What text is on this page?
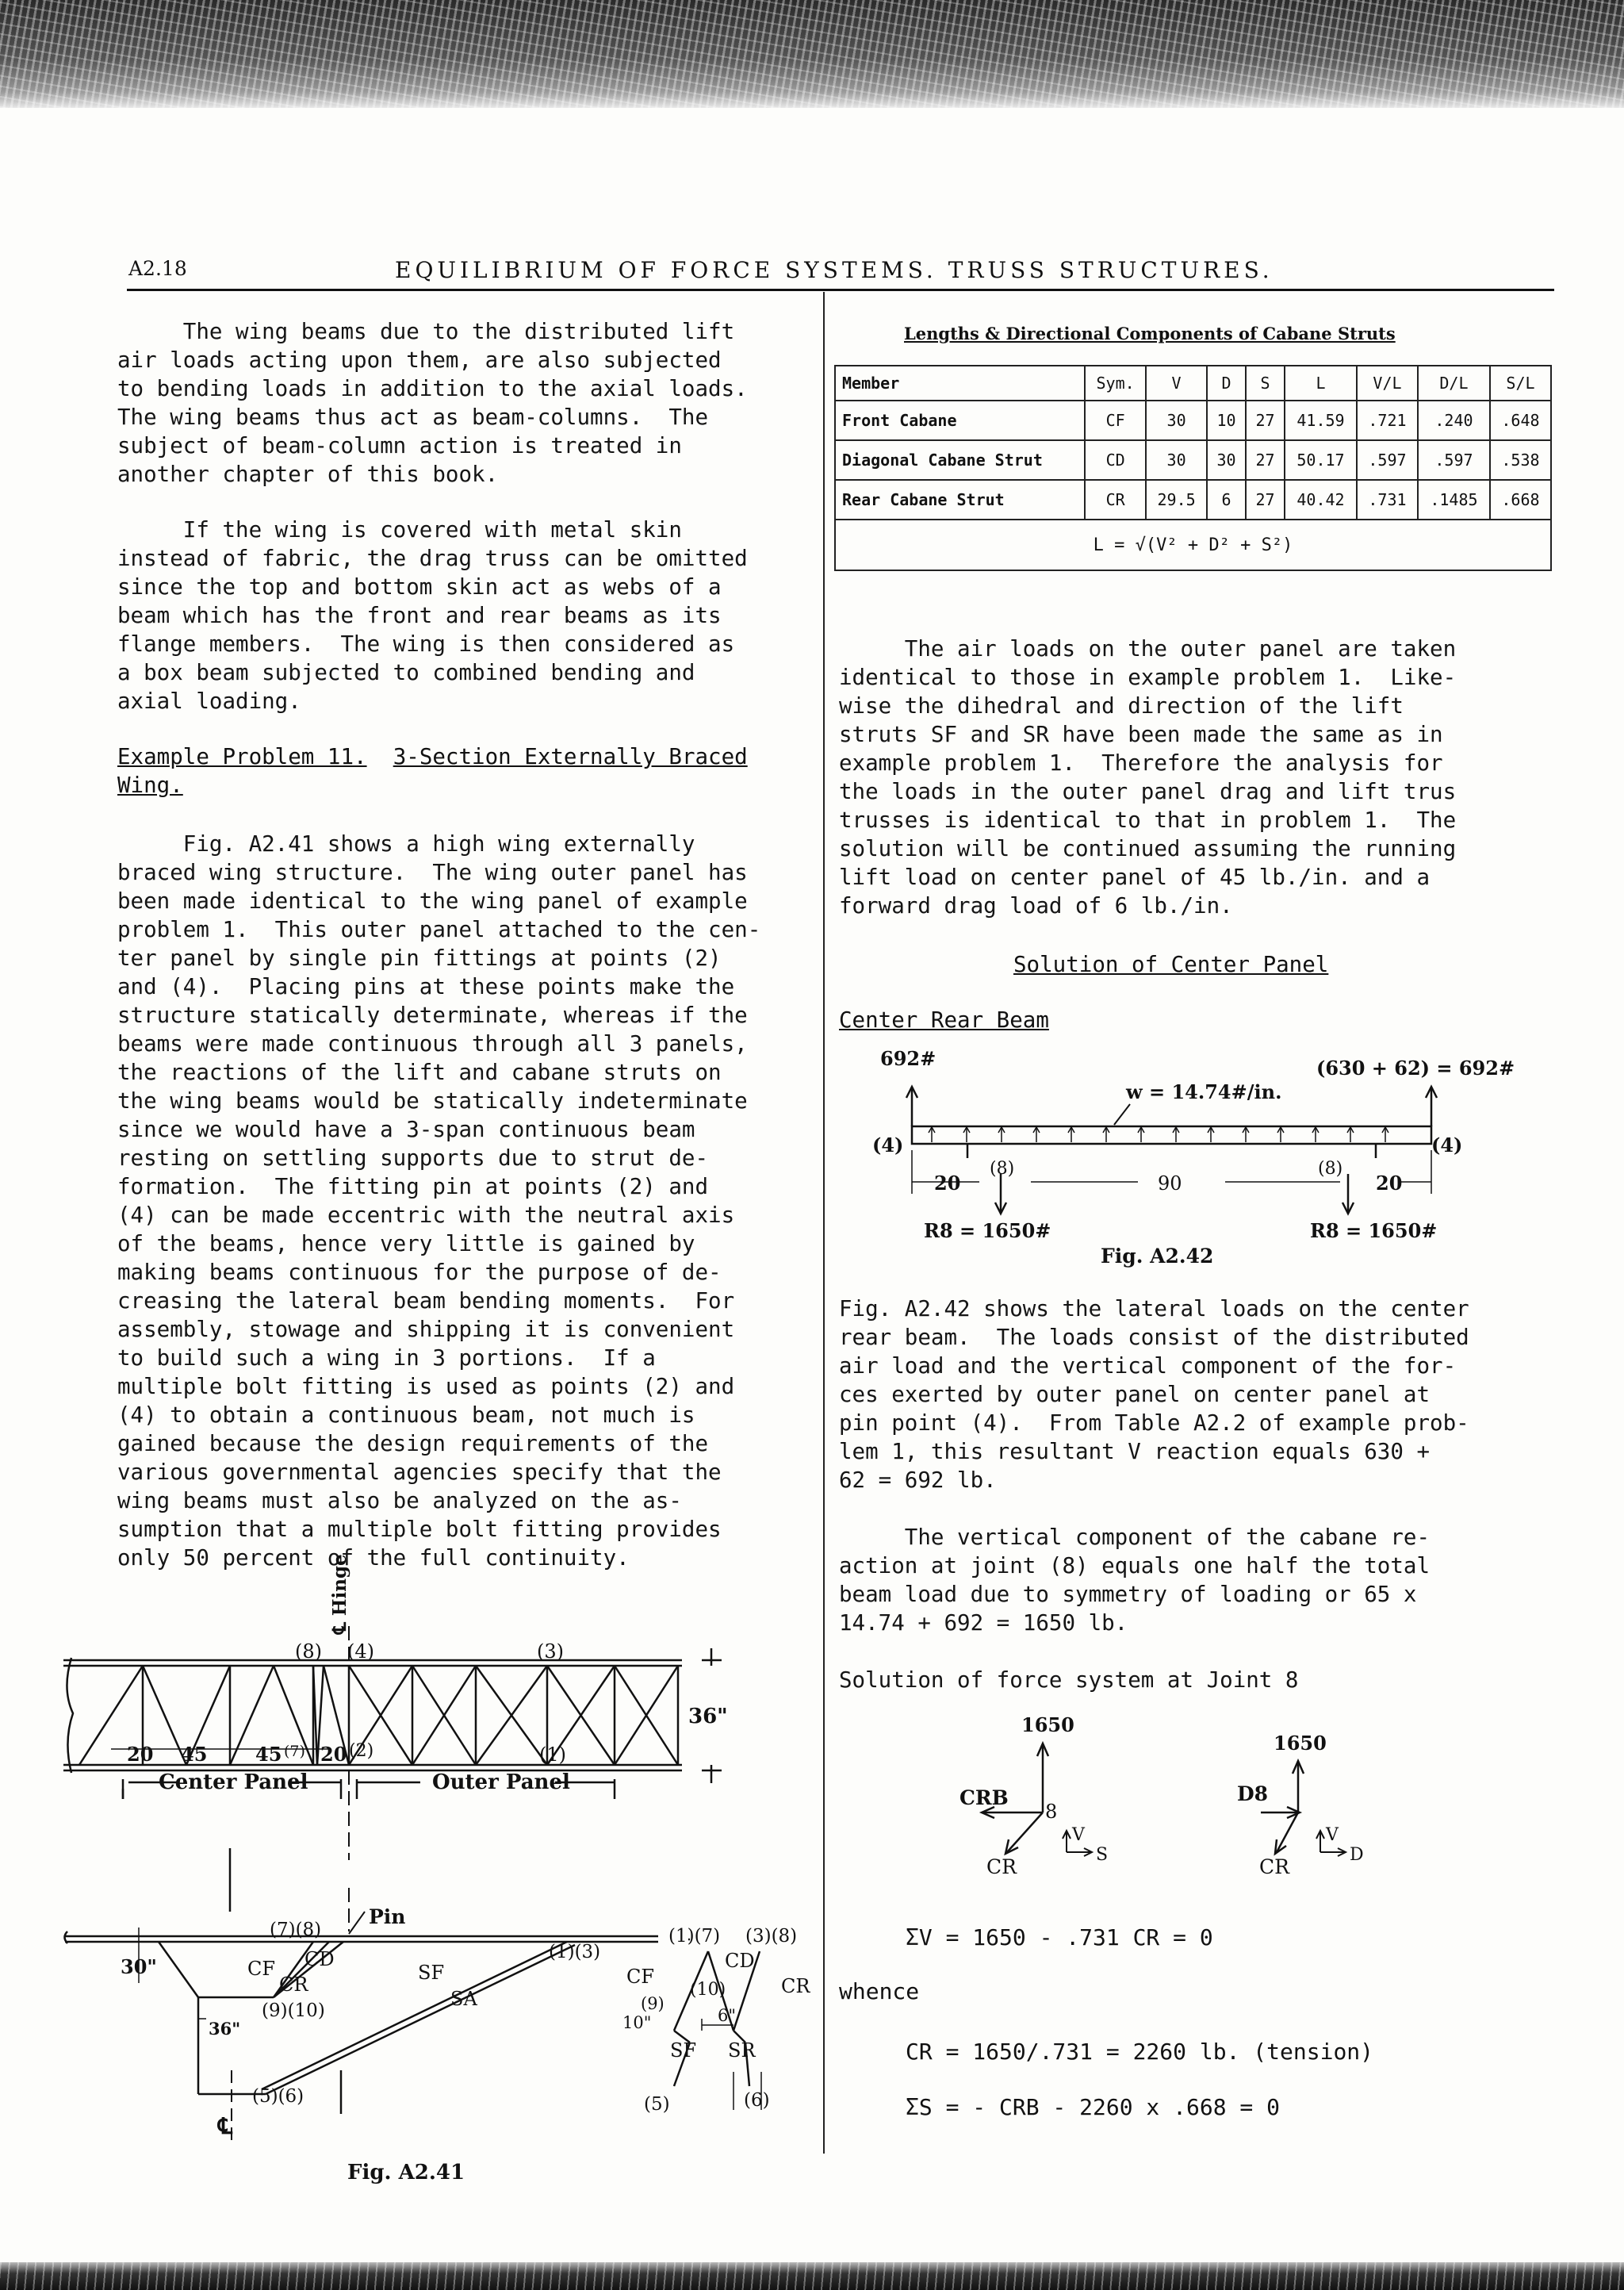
A2.18	EQUILIBRIUM OF FORCE SYSTEMS. TRUSS STRUCTURES.

The wing beams due to the distributed lift
air loads acting upon them, are also subjected
to bending loads in addition to the axial loads.
The wing beams thus act as beam-columns.  The
subject of beam-column action is treated in
another chapter of this book.

If the wing is covered with metal skin
instead of fabric, the drag truss can be omitted
since the top and bottom skin act as webs of a
beam which has the front and rear beams as its
flange members.  The wing is then considered as
a box beam subjected to combined bending and
axial loading.

Example Problem 11. 3-Section Externally Braced

Wing.

Fig. A2.41 shows a high wing externally
braced wing structure.  The wing outer panel has
been made identical to the wing panel of example
problem 1.  This outer panel attached to the cen-
ter panel by single pin fittings at points (2)
and (4).  Placing pins at these points make the
structure statically determinate, whereas if the
beams were made continuous through all 3 panels,
the reactions of the lift and cabane struts on
the wing beams would be statically indeterminate
since we would have a 3-span continuous beam
resting on settling supports due to strut de-
formation.  The fitting pin at points (2) and
(4) can be made eccentric with the neutral axis
of the beams, hence very little is gained by
making beams continuous for the purpose of de-
creasing the lateral beam bending moments.  For
assembly, stowage and shipping it is convenient
to build such a wing in 3 portions.  If a
multiple bolt fitting is used as points (2) and
(4) to obtain a continuous beam, not much is
gained because the design requirements of the
various governmental agencies specify that the
wing beams must also be analyzed on the as-
sumption that a multiple bolt fitting provides
only 50 percent of the full continuity.

℄ Hinge
(8) (4)	(3)
36"
20 45	45 (7) 20 (2)	(1)
Center Panel	Outer Panel
Pin
(7)(8)
30"	CF CD
CR
(9)(10)
36"
(5)(6)
℄
SF
SA
(1)(3)
(1)(7) (3)(8)
CF
CD
CR
(9)
(10)
10"	6"
SF SR
(5)	(6)
Fig. A2.41
Lengths & Directional Components of Cabane Struts
Member	Sym.	V	D	S	L	V/L	D/L	S/L
Front Cabane	CF	30	10	27	41.59	.721	.240	.648
Diagonal Cabane Strut	CD	30	30	27	50.17	.597	.597	.538
Rear Cabane Strut	CR	29.5	6	27	40.42	.731	.1485	.668
L = √(V² + D² + S²)								

The air loads on the outer panel are taken
identical to those in example problem 1.  Like-
wise the dihedral and direction of the lift
struts SF and SR have been made the same as in
example problem 1.  Therefore the analysis for
the loads in the outer panel drag and lift trus
trusses is identical to that in problem 1.  The
solution will be continued assuming the running
lift load on center panel of 45 lb./in. and a
forward drag load of 6 lb./in.

Solution of Center Panel

Center Rear Beam

692#	(630 + 62) = 692#
w = 14.74#/in.
(4)	(4)
20
(8)
90
(8)
20
R8 = 1650#	R8 = 1650#
Fig. A2.42

Fig. A2.42 shows the lateral loads on the center
rear beam.  The loads consist of the distributed
air load and the vertical component of the for-
ces exerted by outer panel on center panel at
pin point (4).  From Table A2.2 of example prob-
lem 1, this resultant V reaction equals 630 +
62 = 692 lb.

The vertical component of the cabane re-
action at joint (8) equals one half the total
beam load due to symmetry of loading or 65 x
14.74 + 692 = 1650 lb.

Solution of force system at Joint 8

1650
CRB
8
V
S
CR
1650
D8
V
D
CR

ΣV = 1650 - .731 CR = 0

whence

CR = 1650/.731 = 2260 lb. (tension)

ΣS = - CRB - 2260 x .668 = 0
